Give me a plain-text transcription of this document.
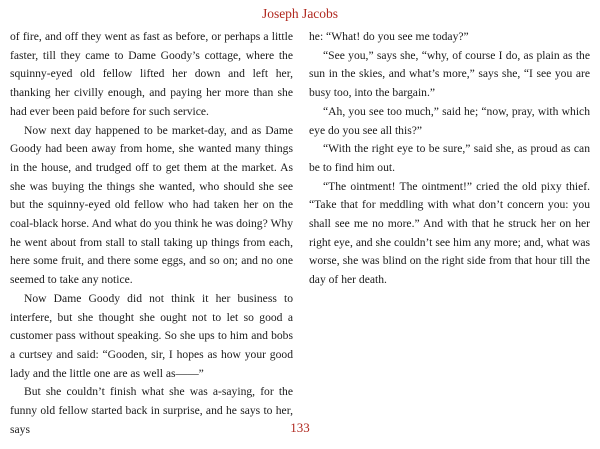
Joseph Jacobs

of fire, and off they went as fast as before, or perhaps a little faster, till they came to Dame Goody’s cottage, where the squinny-eyed old fellow lifted her down and left her, thanking her civilly enough, and paying her more than she had ever been paid before for such service.

Now next day happened to be market-day, and as Dame Goody had been away from home, she wanted many things in the house, and trudged off to get them at the market. As she was buying the things she wanted, who should she see but the squinny-eyed old fellow who had taken her on the coal-black horse. And what do you think he was doing? Why he went about from stall to stall taking up things from each, here some fruit, and there some eggs, and so on; and no one seemed to take any notice.

Now Dame Goody did not think it her business to interfere, but she thought she ought not to let so good a customer pass without speaking. So she ups to him and bobs a curtsey and said: “Gooden, sir, I hopes as how your good lady and the little one are as well as——”

But she couldn’t finish what she was a-saying, for the funny old fellow started back in surprise, and he says to her, says

he: “What! do you see me today?”

“See you,” says she, “why, of course I do, as plain as the sun in the skies, and what’s more,” says she, “I see you are busy too, into the bargain.”

“Ah, you see too much,” said he; “now, pray, with which eye do you see all this?”

“With the right eye to be sure,” said she, as proud as can be to find him out.

“The ointment! The ointment!” cried the old pixy thief. “Take that for meddling with what don’t concern you: you shall see me no more.” And with that he struck her on her right eye, and she couldn’t see him any more; and, what was worse, she was blind on the right side from that hour till the day of her death.

133
